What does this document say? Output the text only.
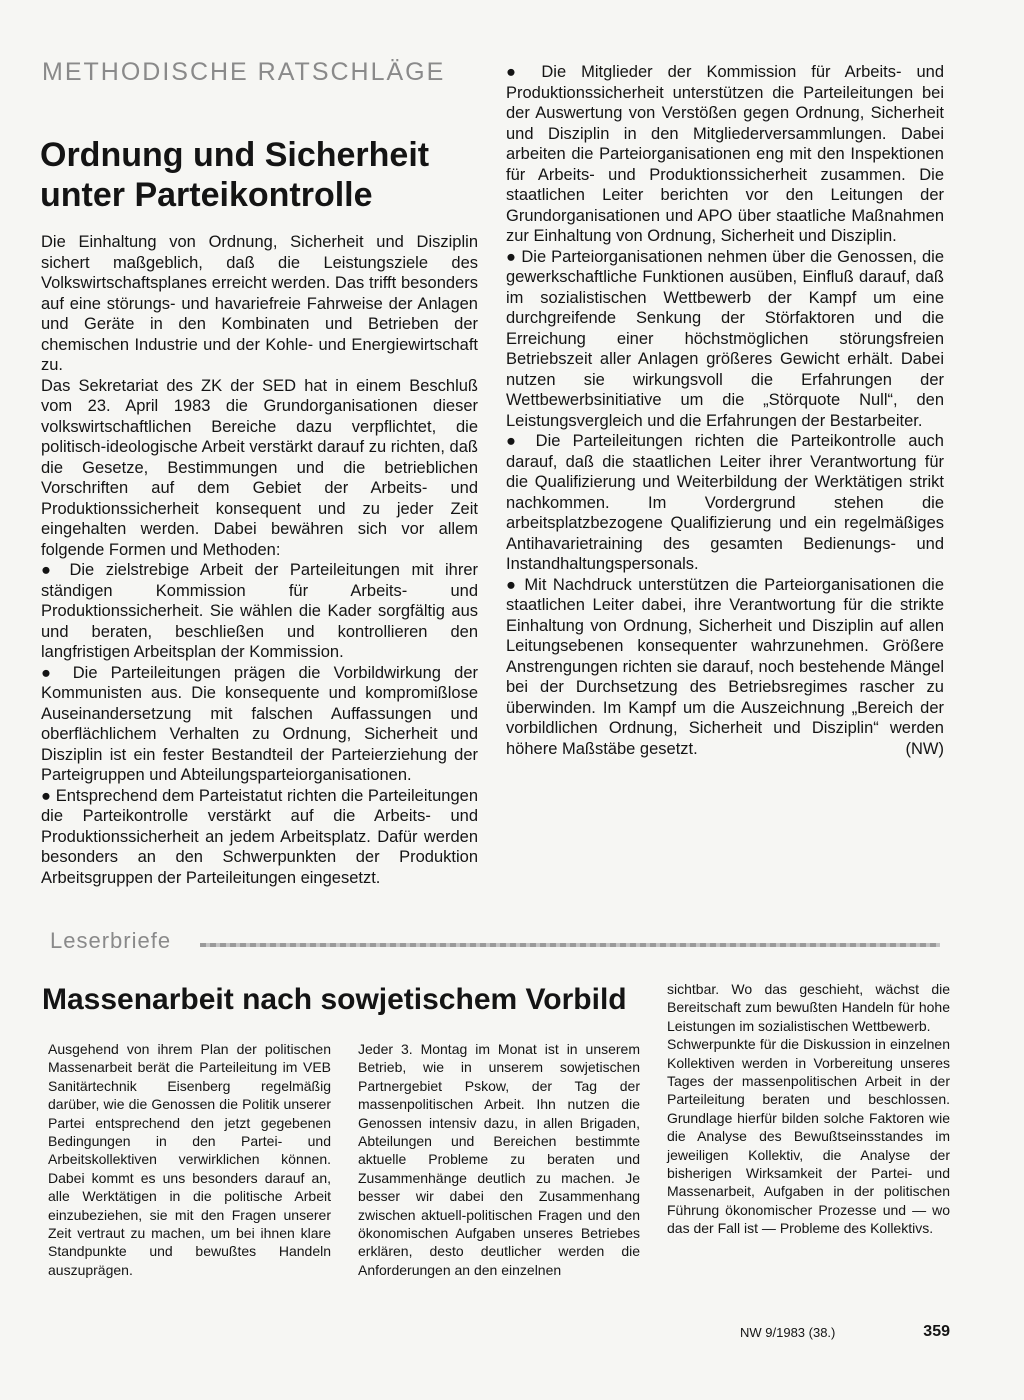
METHODISCHE RATSCHLÄGE
Ordnung und Sicherheit unter Parteikontrolle

Die Einhaltung von Ordnung, Sicherheit und Disziplin sichert maßgeblich, daß die Leistungsziele des Volkswirtschaftsplanes erreicht werden. Das trifft besonders auf eine störungs- und havariefreie Fahrweise der Anlagen und Geräte in den Kombinaten und Betrieben der chemischen Industrie und der Kohle- und Energiewirtschaft zu.

Das Sekretariat des ZK der SED hat in einem Beschluß vom 23. April 1983 die Grundorganisationen dieser volkswirtschaftlichen Bereiche dazu verpflichtet, die politisch-ideologische Arbeit verstärkt darauf zu richten, daß die Gesetze, Bestimmungen und die betrieblichen Vorschriften auf dem Gebiet der Arbeits- und Produktionssicherheit konsequent und zu jeder Zeit eingehalten werden. Dabei bewähren sich vor allem folgende Formen und Methoden:

● Die zielstrebige Arbeit der Parteileitungen mit ihrer ständigen Kommission für Arbeits- und Produktionssicherheit. Sie wählen die Kader sorgfältig aus und beraten, beschließen und kontrollieren den langfristigen Arbeitsplan der Kommission.

● Die Parteileitungen prägen die Vorbildwirkung der Kommunisten aus. Die konsequente und kompromißlose Auseinandersetzung mit falschen Auffassungen und oberflächlichem Verhalten zu Ordnung, Sicherheit und Disziplin ist ein fester Bestandteil der Parteierziehung der Parteigruppen und Abteilungsparteiorganisationen.

● Entsprechend dem Parteistatut richten die Parteileitungen die Parteikontrolle verstärkt auf die Arbeits- und Produktionssicherheit an jedem Arbeitsplatz. Dafür werden besonders an den Schwerpunkten der Produktion Arbeitsgruppen der Parteileitungen eingesetzt.

● Die Mitglieder der Kommission für Arbeits- und Produktionssicherheit unterstützen die Parteileitungen bei der Auswertung von Verstößen gegen Ordnung, Sicherheit und Disziplin in den Mitgliederversammlungen. Dabei arbeiten die Parteiorganisationen eng mit den Inspektionen für Arbeits- und Produktionssicherheit zusammen. Die staatlichen Leiter berichten vor den Leitungen der Grundorganisationen und APO über staatliche Maßnahmen zur Einhaltung von Ordnung, Sicherheit und Disziplin.

● Die Parteiorganisationen nehmen über die Genossen, die gewerkschaftliche Funktionen ausüben, Einfluß darauf, daß im sozialistischen Wettbewerb der Kampf um eine durchgreifende Senkung der Störfaktoren und die Erreichung einer höchstmöglichen störungsfreien Betriebszeit aller Anlagen größeres Gewicht erhält. Dabei nutzen sie wirkungsvoll die Erfahrungen der Wettbewerbsinitiative um die „Störquote Null“, den Leistungsvergleich und die Erfahrungen der Bestarbeiter.

● Die Parteileitungen richten die Parteikontrolle auch darauf, daß die staatlichen Leiter ihrer Verantwortung für die Qualifizierung und Weiterbildung der Werktätigen strikt nachkommen. Im Vordergrund stehen die arbeitsplatzbezogene Qualifizierung und ein regelmäßiges Antihavarietraining des gesamten Bedienungs- und Instandhaltungspersonals.

● Mit Nachdruck unterstützen die Parteiorganisationen die staatlichen Leiter dabei, ihre Verantwortung für die strikte Einhaltung von Ordnung, Sicherheit und Disziplin auf allen Leitungsebenen konsequenter wahrzunehmen. Größere Anstrengungen richten sie darauf, noch bestehende Mängel bei der Durchsetzung des Betriebsregimes rascher zu überwinden. Im Kampf um die Auszeichnung „Bereich der vorbildlichen Ordnung, Sicherheit und Disziplin“ werden höhere Maßstäbe gesetzt.	(NW)

Leserbriefe
Massenarbeit nach sowjetischem Vorbild

Ausgehend von ihrem Plan der politischen Massenarbeit berät die Parteileitung im VEB Sanitärtechnik Eisenberg regelmäßig darüber, wie die Genossen die Politik unserer Partei entsprechend den jetzt gegebenen Bedingungen in den Partei- und Arbeitskollektiven verwirklichen können. Dabei kommt es uns besonders darauf an, alle Werktätigen in die politische Arbeit einzubeziehen, sie mit den Fragen unserer Zeit vertraut zu machen, um bei ihnen klare Standpunkte und bewußtes Handeln auszuprägen.

Jeder 3. Montag im Monat ist in unserem Betrieb, wie in unserem sowjetischen Partnergebiet Pskow, der Tag der massenpolitischen Arbeit. Ihn nutzen die Genossen intensiv dazu, in allen Brigaden, Abteilungen und Bereichen bestimmte aktuelle Probleme zu beraten und Zusammenhänge deutlich zu machen. Je besser wir dabei den Zusammenhang zwischen aktuell-politischen Fragen und den ökonomischen Aufgaben unseres Betriebes erklären, desto deutlicher werden die Anforderungen an den einzelnen

sichtbar. Wo das geschieht, wächst die Bereitschaft zum bewußten Handeln für hohe Leistungen im sozialistischen Wettbewerb.

Schwerpunkte für die Diskussion in einzelnen Kollektiven werden in Vorbereitung unseres Tages der massenpolitischen Arbeit in der Parteileitung beraten und beschlossen. Grundlage hierfür bilden solche Faktoren wie die Analyse des Bewußtseinsstandes im jeweiligen Kollektiv, die Analyse der bisherigen Wirksamkeit der Partei- und Massenarbeit, Aufgaben in der politischen Führung ökonomischer Prozesse und — wo das der Fall ist — Probleme des Kollektivs.

NW 9/1983 (38.)	359
